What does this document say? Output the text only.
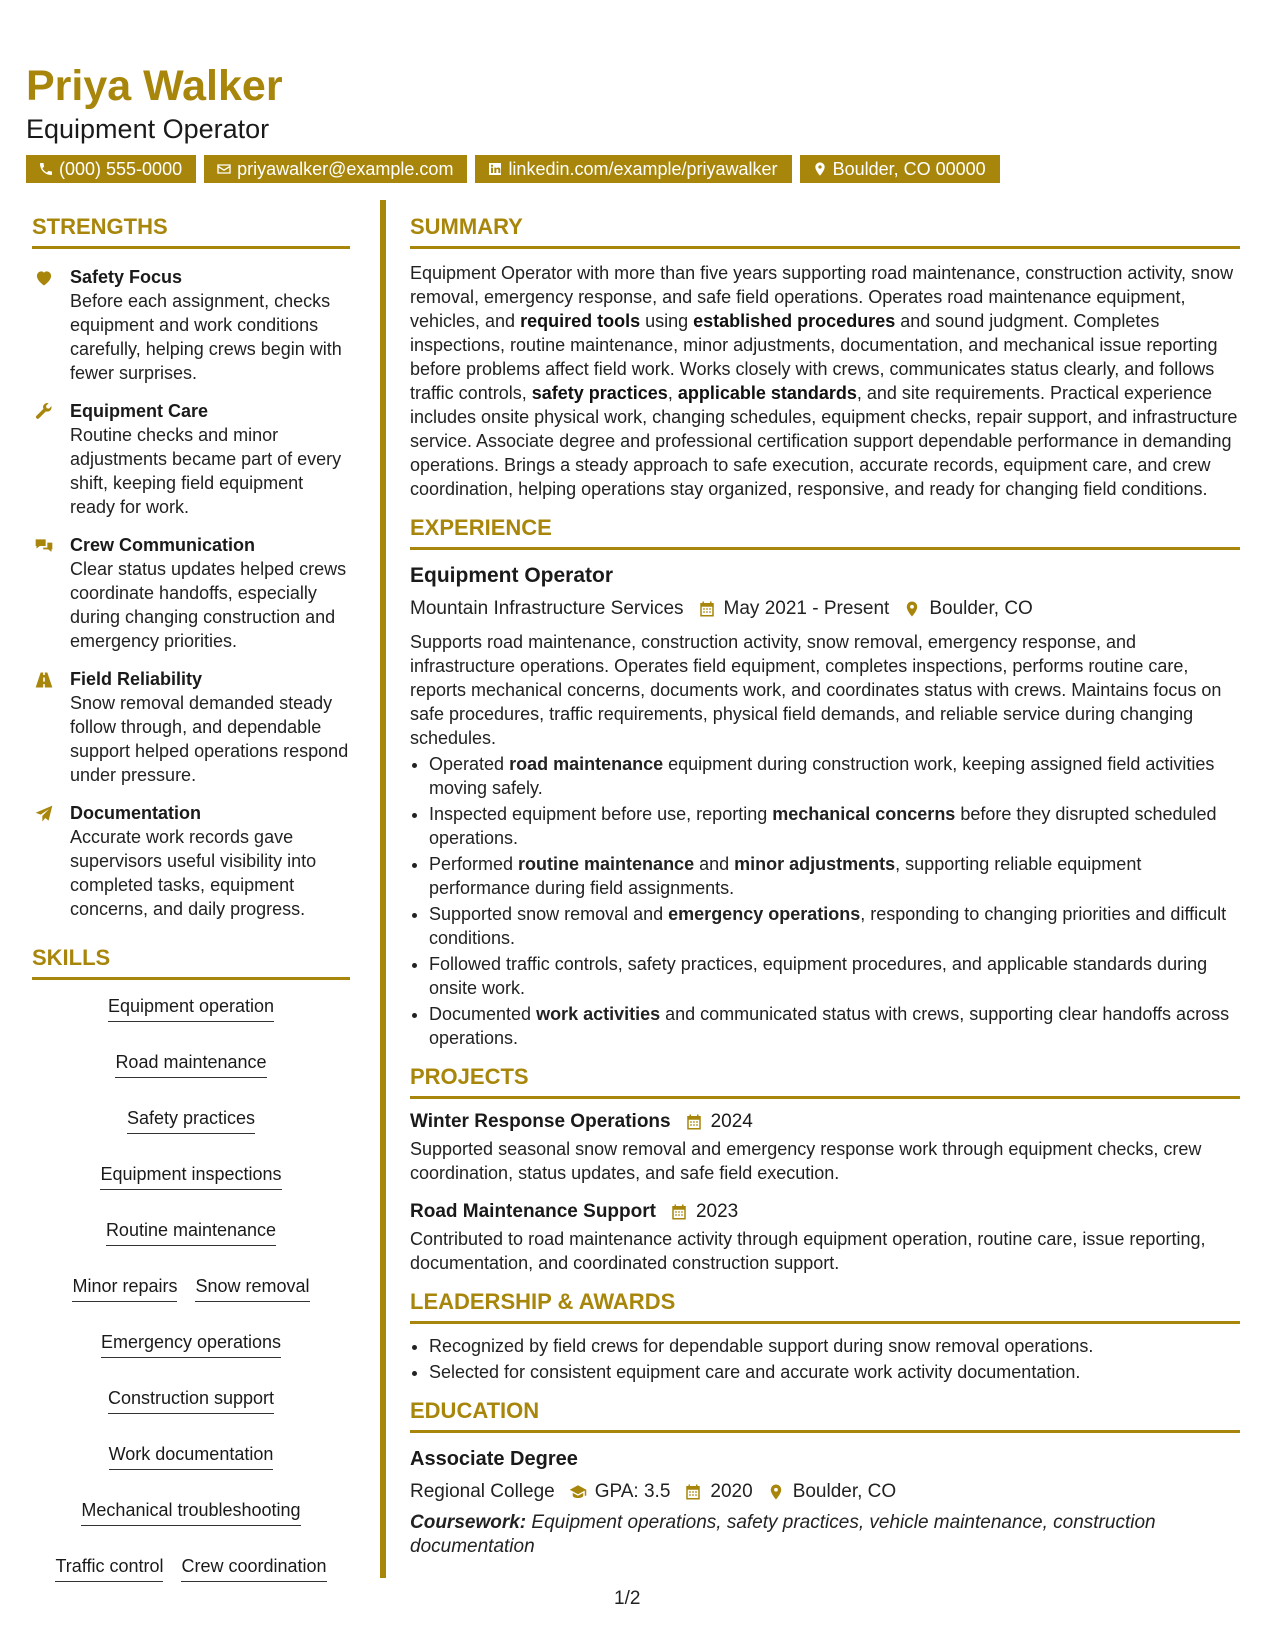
Priya Walker
Equipment Operator
(000) 555-0000	priyawalker@example.com	linkedin.com/example/priyawalker	Boulder, CO 00000
STRENGTHS
Safety Focus
Before each assignment, checks equipment and work conditions carefully, helping crews begin with fewer surprises.
Equipment Care
Routine checks and minor adjustments became part of every shift, keeping field equipment ready for work.
Crew Communication
Clear status updates helped crews coordinate handoffs, especially during changing construction and emergency priorities.
Field Reliability
Snow removal demanded steady follow through, and dependable support helped operations respond under pressure.
Documentation
Accurate work records gave supervisors useful visibility into completed tasks, equipment concerns, and daily progress.
SKILLS
Equipment operation
Road maintenance
Safety practices
Equipment inspections
Routine maintenance
Minor repairs Snow removal
Emergency operations
Construction support
Work documentation
Mechanical troubleshooting
Traffic control Crew coordination
SUMMARY

Equipment Operator with more than five years supporting road maintenance, construction activity, snow removal, emergency response, and safe field operations. Operates road maintenance equipment, vehicles, and required tools using established procedures and sound judgment. Completes inspections, routine maintenance, minor adjustments, documentation, and mechanical issue reporting before problems affect field work. Works closely with crews, communicates status clearly, and follows traffic controls, safety practices, applicable standards, and site requirements. Practical experience includes onsite physical work, changing schedules, equipment checks, repair support, and infrastructure service. Associate degree and professional certification support dependable performance in demanding operations. Brings a steady approach to safe execution, accurate records, equipment care, and crew coordination, helping operations stay organized, responsive, and ready for changing field conditions.

EXPERIENCE
Equipment Operator
Mountain Infrastructure Services May 2021 - Present Boulder, CO

Supports road maintenance, construction activity, snow removal, emergency response, and infrastructure operations. Operates field equipment, completes inspections, performs routine care, reports mechanical concerns, documents work, and coordinates status with crews. Maintains focus on safe procedures, traffic requirements, physical field demands, and reliable service during changing schedules.

• Operated road maintenance equipment during construction work, keeping assigned field activities moving safely.
• Inspected equipment before use, reporting mechanical concerns before they disrupted scheduled operations.
• Performed routine maintenance and minor adjustments, supporting reliable equipment performance during field assignments.
• Supported snow removal and emergency operations, responding to changing priorities and difficult conditions.
• Followed traffic controls, safety practices, equipment procedures, and applicable standards during onsite work.
• Documented work activities and communicated status with crews, supporting clear handoffs across operations.
PROJECTS
Winter Response Operations 2024

Supported seasonal snow removal and emergency response work through equipment checks, crew coordination, status updates, and safe field execution.

Road Maintenance Support 2023

Contributed to road maintenance activity through equipment operation, routine care, issue reporting, documentation, and coordinated construction support.

LEADERSHIP & AWARDS
• Recognized by field crews for dependable support during snow removal operations.
• Selected for consistent equipment care and accurate work activity documentation.
EDUCATION
Associate Degree
Regional College GPA: 3.5 2020 Boulder, CO
Coursework: Equipment operations, safety practices, vehicle maintenance, construction documentation
1/2
